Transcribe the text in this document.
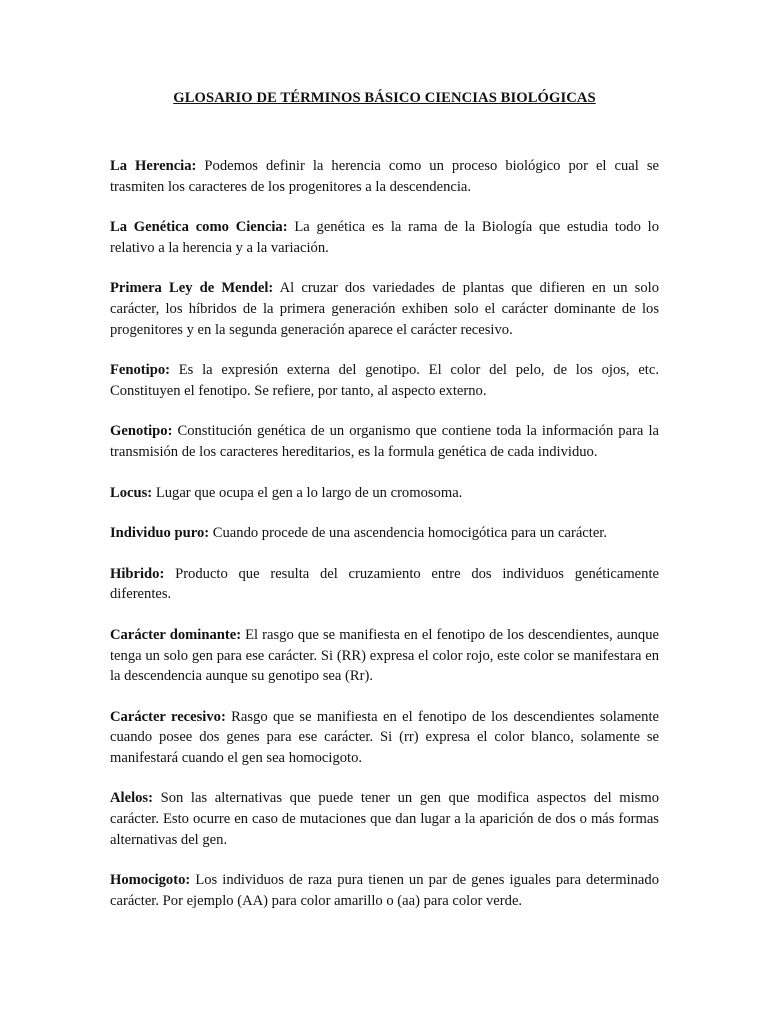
GLOSARIO DE TÉRMINOS BÁSICO CIENCIAS BIOLÓGICAS

La Herencia: Podemos definir la herencia como un proceso biológico por el cual se trasmiten los caracteres de los progenitores a la descendencia.

La Genética como Ciencia: La genética es la rama de la Biología que estudia todo lo relativo a la herencia y a la variación.

Primera Ley de Mendel: Al cruzar dos variedades de plantas que difieren en un solo carácter, los híbridos de la primera generación exhiben solo el carácter dominante de los progenitores y en la segunda generación aparece el carácter recesivo.

Fenotipo: Es la expresión externa del genotipo. El color del pelo, de los ojos, etc. Constituyen el fenotipo. Se refiere, por tanto, al aspecto externo.

Genotipo: Constitución genética de un organismo que contiene toda la información para la transmisión de los caracteres hereditarios, es la formula genética de cada individuo.

Locus: Lugar que ocupa el gen a lo largo de un cromosoma.

Individuo puro: Cuando procede de una ascendencia homocigótica para un carácter.

Hibrido: Producto que resulta del cruzamiento entre dos individuos genéticamente diferentes.

Carácter dominante: El rasgo que se manifiesta en el fenotipo de los descendientes, aunque tenga un solo gen para ese carácter. Si (RR) expresa el color rojo, este color se manifestara en la descendencia aunque su genotipo sea (Rr).

Carácter recesivo: Rasgo que se manifiesta en el fenotipo de los descendientes solamente cuando posee dos genes para ese carácter. Si (rr) expresa el color blanco, solamente se manifestará cuando el gen sea homocigoto.

Alelos: Son las alternativas que puede tener un gen que modifica aspectos del mismo carácter. Esto ocurre en caso de mutaciones que dan lugar a la aparición de dos o más formas alternativas del gen.

Homocigoto: Los individuos de raza pura tienen un par de genes iguales para determinado carácter. Por ejemplo (AA) para color amarillo o (aa) para color verde.
